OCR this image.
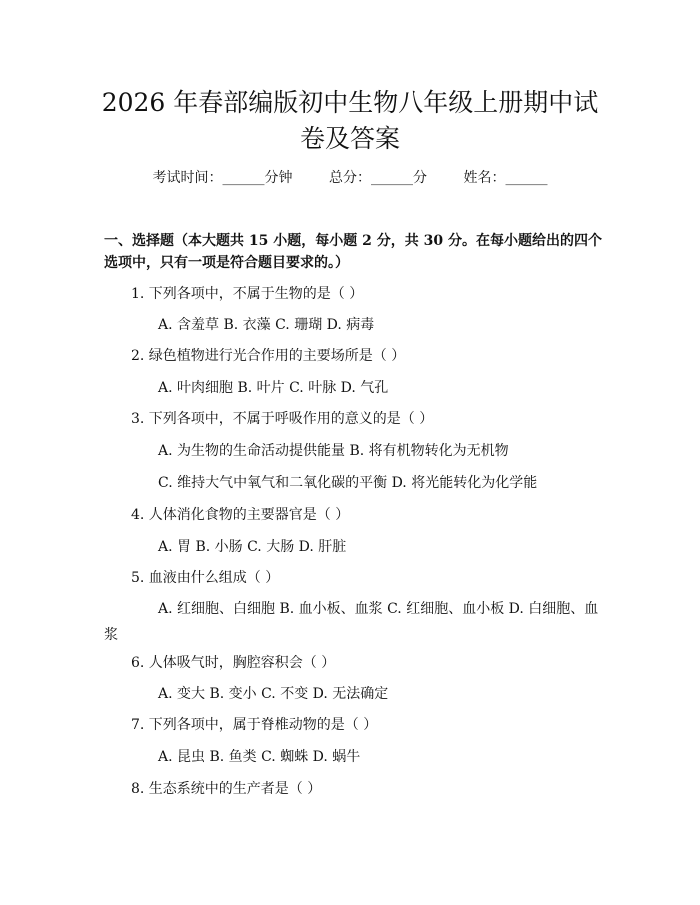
2026 年春部编版初中生物八年级上册期中试
卷及答案
考试时间：______分钟	总分：______分	姓名：______
一、选择题（本大题共 15 小题，每小题 2 分，共 30 分。在每小题给出的四个选项中，只有一项是符合题目要求的。）
1. 下列各项中，不属于生物的是（ ）
A. 含羞草 B. 衣藻 C. 珊瑚 D. 病毒
2. 绿色植物进行光合作用的主要场所是（ ）
A. 叶肉细胞 B. 叶片 C. 叶脉 D. 气孔
3. 下列各项中，不属于呼吸作用的意义的是（ ）
A. 为生物的生命活动提供能量 B. 将有机物转化为无机物
C. 维持大气中氧气和二氧化碳的平衡 D. 将光能转化为化学能
4. 人体消化食物的主要器官是（ ）
A. 胃 B. 小肠 C. 大肠 D. 肝脏
5. 血液由什么组成（ ）
A. 红细胞、白细胞 B. 血小板、血浆 C. 红细胞、血小板 D. 白细胞、血浆
6. 人体吸气时，胸腔容积会（ ）
A. 变大 B. 变小 C. 不变 D. 无法确定
7. 下列各项中，属于脊椎动物的是（ ）
A. 昆虫 B. 鱼类 C. 蜘蛛 D. 蜗牛
8. 生态系统中的生产者是（ ）
